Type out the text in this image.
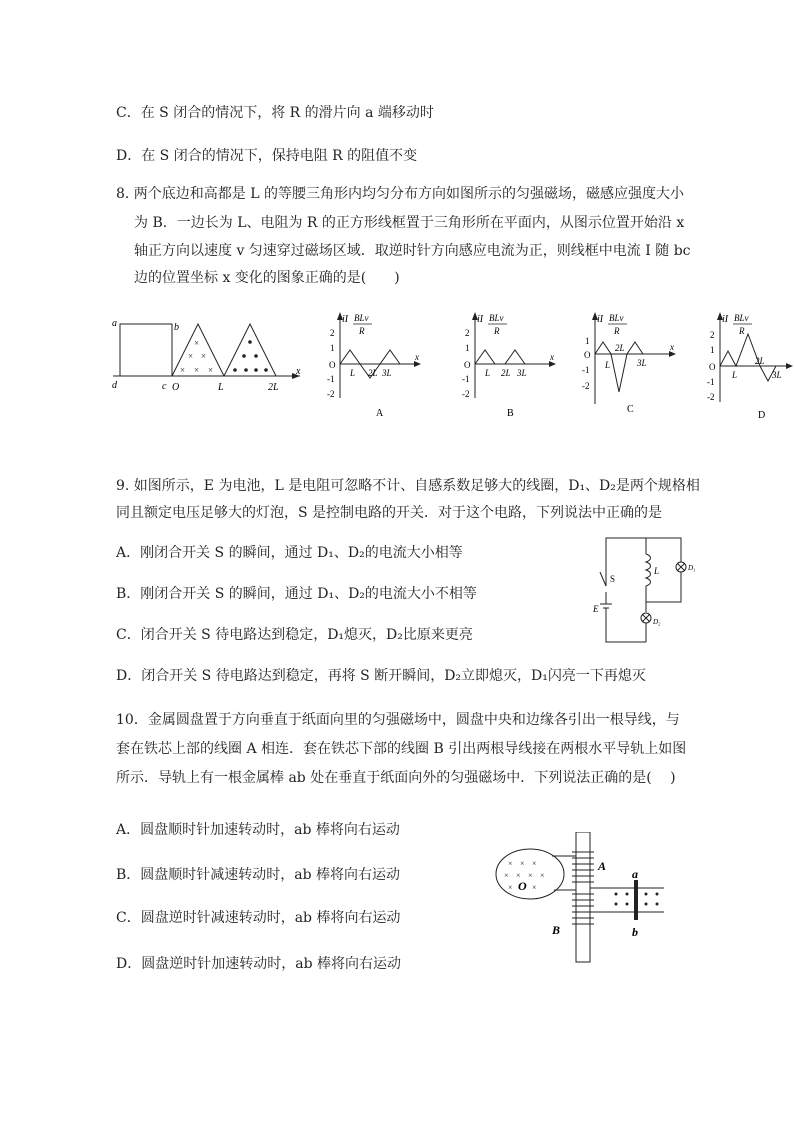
C．在 S 闭合的情况下，将 R 的滑片向 a 端移动时
D．在 S 闭合的情况下，保持电阻 R 的阻值不变
8. 两个底边和高都是 L 的等腰三角形内均匀分布方向如图所示的匀强磁场，磁感应强度大小
为 B．一边长为 L、电阻为 R 的正方形线框置于三角形所在平面内，从图示位置开始沿 x
轴正方向以速度 v 匀速穿过磁场区域．取逆时针方向感应电流为正，则线框中电流 I 随 bc
边的位置坐标 x 变化的图象正确的是(　　)
a	b
d	c O	L	2L
x
×
× ×
× × ×
iI BLv
R
2
1
O
-1
-2
L 2L 3L
x
A
iI BLv
R
2
1
O
-1
-2
L 2L 3L
x
B
iI BLv
R
1
O
-1
-2
L
2L
3L
x
C
iI BLv
R
2
1
O
-1
-2
L
2L
3L
D
9. 如图所示，E 为电池，L 是电阻可忽略不计、自感系数足够大的线圈，D₁、D₂是两个规格相
同且额定电压足够大的灯泡，S 是控制电路的开关．对于这个电路，下列说法中正确的是
A．刚闭合开关 S 的瞬间，通过 D₁、D₂的电流大小相等
B．刚闭合开关 S 的瞬间，通过 D₁、D₂的电流大小不相等
C．闭合开关 S 待电路达到稳定，D₁熄灭，D₂比原来更亮
D．闭合开关 S 待电路达到稳定，再将 S 断开瞬间，D₂立即熄灭，D₁闪亮一下再熄灭
S
E
L	D₁
D₂
10．金属圆盘置于方向垂直于纸面向里的匀强磁场中，圆盘中央和边缘各引出一根导线，与
套在铁芯上部的线圈 A 相连．套在铁芯下部的线圈 B 引出两根导线接在两根水平导轨上如图
所示．导轨上有一根金属棒 ab 处在垂直于纸面向外的匀强磁场中．下列说法正确的是(　 )
A．圆盘顺时针加速转动时，ab 棒将向右运动
B．圆盘顺时针减速转动时，ab 棒将向右运动
C．圆盘逆时针减速转动时，ab 棒将向右运动
D．圆盘逆时针加速转动时，ab 棒将向右运动
× × ×
× × × ×
× ×
O
A
B
a
b
